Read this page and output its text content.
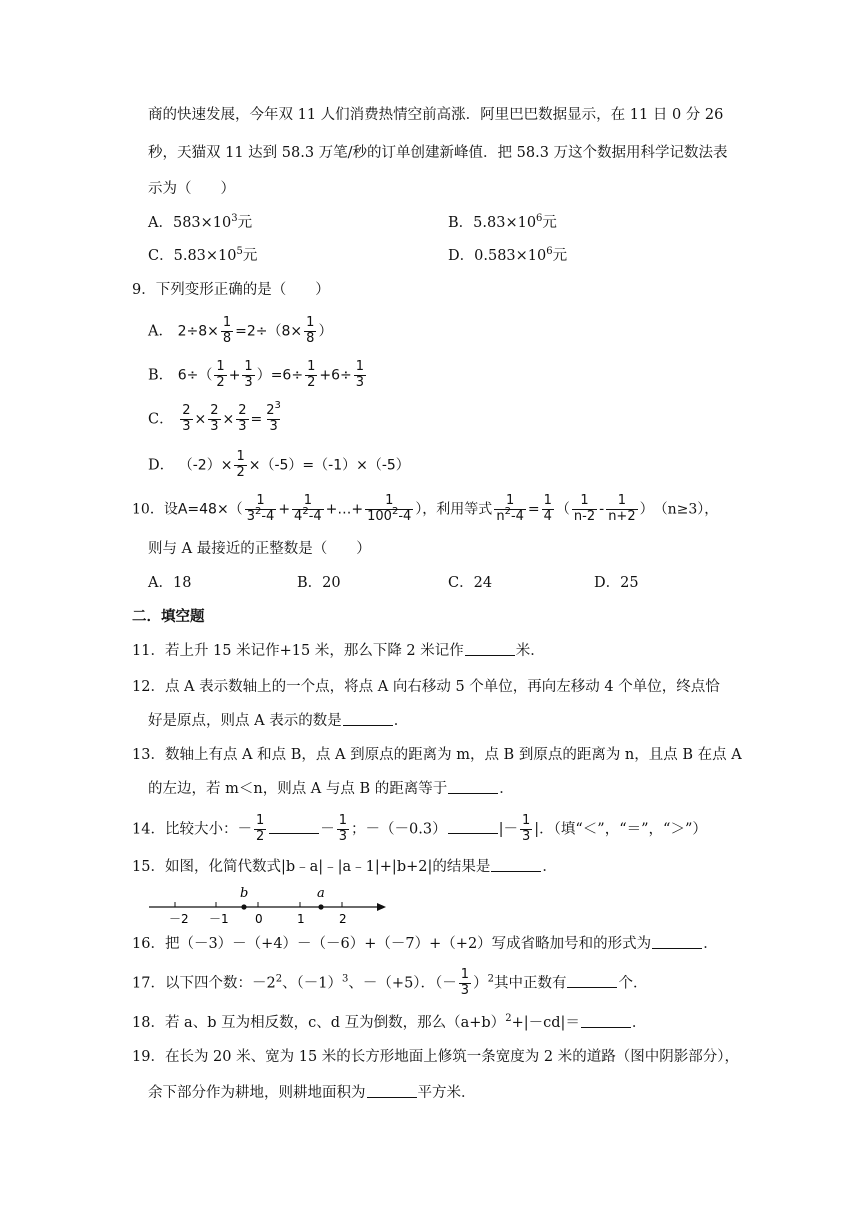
商的快速发展，今年双 11 人们消费热情空前高涨．阿里巴巴数据显示，在 11 日 0 分 26
秒，天猫双 11 达到 58.3 万笔/秒的订单创建新峰值．把 58.3 万这个数据用科学记数法表
示为（　　）
A．$583\times 10^3$元	B．$5.83\times 10^6$元
C．$5.83\times 10^5$元	D．$0.583\times 10^6$元
9．下列变形正确的是（　　）
A． $2\div 8\times \frac{1}{8} =2\div(8\times \frac{1}{8}$ ）
B． $6\div( \frac{1}{2} + \frac{1}{3} )=6\div \frac{1}{2} +6\div \frac{1}{3}$
C． $\frac{2}{3} \times \frac{2}{3} \times \frac{2}{3} = \frac{2^3}{3}$
D． $(-2)\times \frac{1}{2} \times(-5)=(-1)\times(-5)$
10．设$A=48\times( \frac{1}{3^2-4} + \frac{1}{4^2-4}$ +…+ $\frac{1}{100^2-4}$ ），利用等式 $\frac{1}{n^2-4} = \frac{1}{4}$ （ $\frac{1}{n-2} - \frac{1}{n+2} )(n\ge 3)$，
则与 A 最接近的正整数是（　　）
A．18	B．20	C．24	D．25
二．填空题
11．若上升 15 米记作+15 米，那么下降 2 米记作	米．
12．点 A 表示数轴上的一个点，将点 A 向右移动 5 个单位，再向左移动 4 个单位，终点恰
好是原点，则点 A 表示的数是	．
13．数轴上有点 A 和点 B，点 A 到原点的距离为 m，点 B 到原点的距离为 n，且点 B 在点 A
的左边，若 m＜n，则点 A 与点 B 的距离等于	．
14．比较大小：－ $\frac{1}{2}$	－ $\frac{1}{3}$ ；－（－0.3）	|－ $\frac{1}{3}$ |．（填“＜”，“＝”，“＞”）
15．如图，化简代数式|b﹣a|﹣|a﹣1|+|b+2|的结果是	．
－2 －1 0	1	2
b	a
16．把（－3）－（+4）－（－6）+（－7）+（+2）写成省略加号和的形式为	．
17．以下四个数：$-2^2$、$(-1)^3$、－（+5）．（－ $\frac{1}{3} )^2$其中正数有	个．
18．若 a、b 互为相反数，c、d 互为倒数，那么$(a+b)^2+|-cd|=$	．
19．在长为 20 米、宽为 15 米的长方形地面上修筑一条宽度为 2 米的道路（图中阴影部分），
余下部分作为耕地，则耕地面积为	平方米．
